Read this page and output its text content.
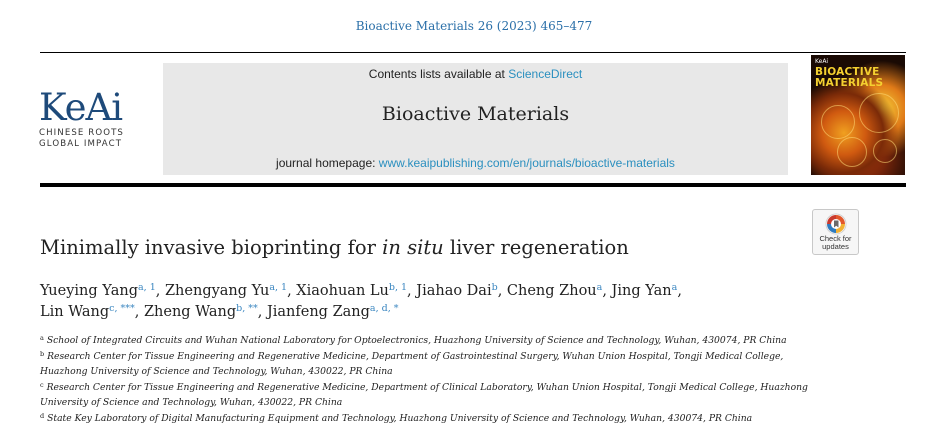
Bioactive Materials 26 (2023) 465–477
KeAi
CHINESE ROOTS
GLOBAL IMPACT
Contents lists available at ScienceDirect
Bioactive Materials
journal homepage: www.keaipublishing.com/en/journals/bioactive-materials
KeAi
BIOACTIVE
MATERIALS
Check for
updates
Minimally invasive bioprinting for in situ liver regeneration
Yueying Yang$^{a, 1}$, Zhengyang Yu$^{a, 1}$, Xiaohuan Lu$^{b, 1}$, Jiahao Dai$^b$, Cheng Zhou$^a$, Jing Yan$^a$,
Lin Wang$^{c, ***}$, Zheng Wang$^{b, **}$, Jianfeng Zang$^{a, d, *}$
$^a$ School of Integrated Circuits and Wuhan National Laboratory for Optoelectronics, Huazhong University of Science and Technology, Wuhan, 430074, PR China
$^b$ Research Center for Tissue Engineering and Regenerative Medicine, Department of Gastrointestinal Surgery, Wuhan Union Hospital, Tongji Medical College, Huazhong University of Science and Technology, Wuhan, 430022, PR China
$^c$ Research Center for Tissue Engineering and Regenerative Medicine, Department of Clinical Laboratory, Wuhan Union Hospital, Tongji Medical College, Huazhong University of Science and Technology, Wuhan, 430022, PR China
$^d$ State Key Laboratory of Digital Manufacturing Equipment and Technology, Huazhong University of Science and Technology, Wuhan, 430074, PR China
